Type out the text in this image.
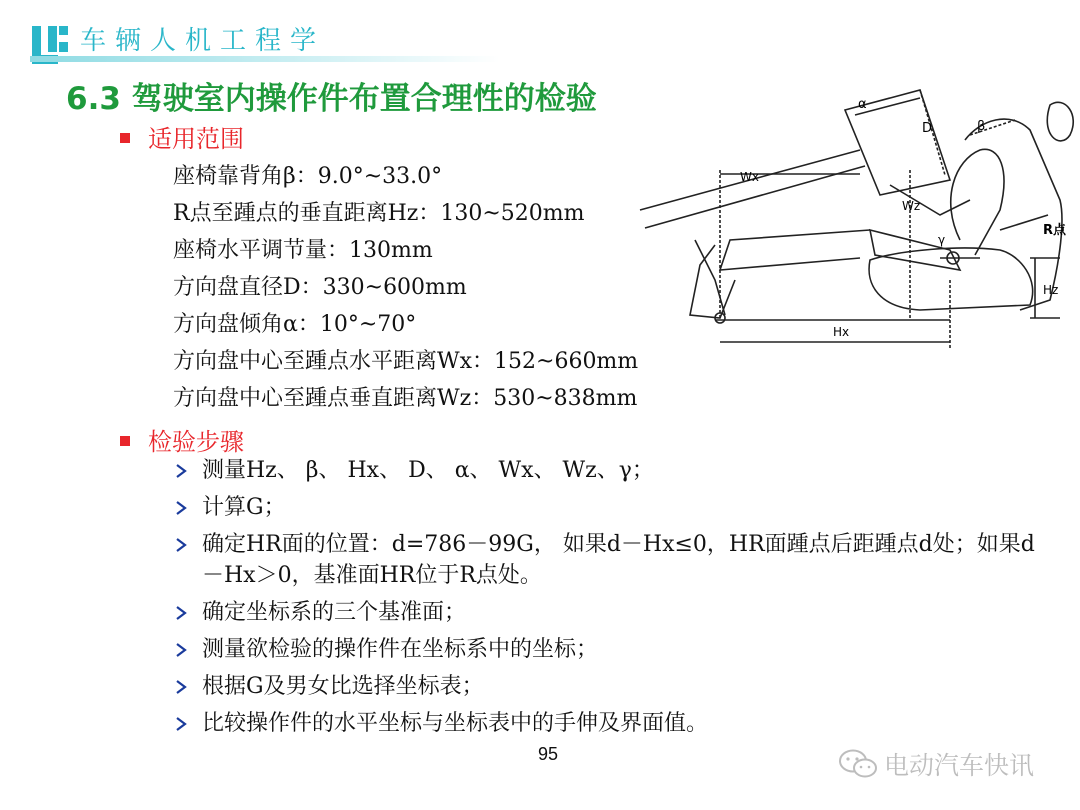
车辆人机工程学
6.3 驾驶室内操作件布置合理性的检验
适用范围
座椅靠背角β：9.0°~33.0°
R点至踵点的垂直距离Hz：130~520mm
座椅水平调节量：130mm
方向盘直径D：330~600mm
方向盘倾角α：10°~70°
方向盘中心至踵点水平距离Wx：152~660mm
方向盘中心至踵点垂直距离Wz：530~838mm
检验步骤
测量Hz、 β、 Hx、 D、 α、 Wx、 Wz、γ；
计算G；
确定HR面的位置：d=786－99G， 如果d－Hx≤0，HR面踵点后距踵点d处；如果d－Hx＞0，基准面HR位于R点处。
确定坐标系的三个基准面；
测量欲检验的操作件在坐标系中的坐标；
根据G及男女比选择坐标表；
比较操作件的水平坐标与坐标表中的手伸及界面值。
α
D	β
Wx
Wz
R点
γ
Hz
Hx
95	电动汽车快讯
